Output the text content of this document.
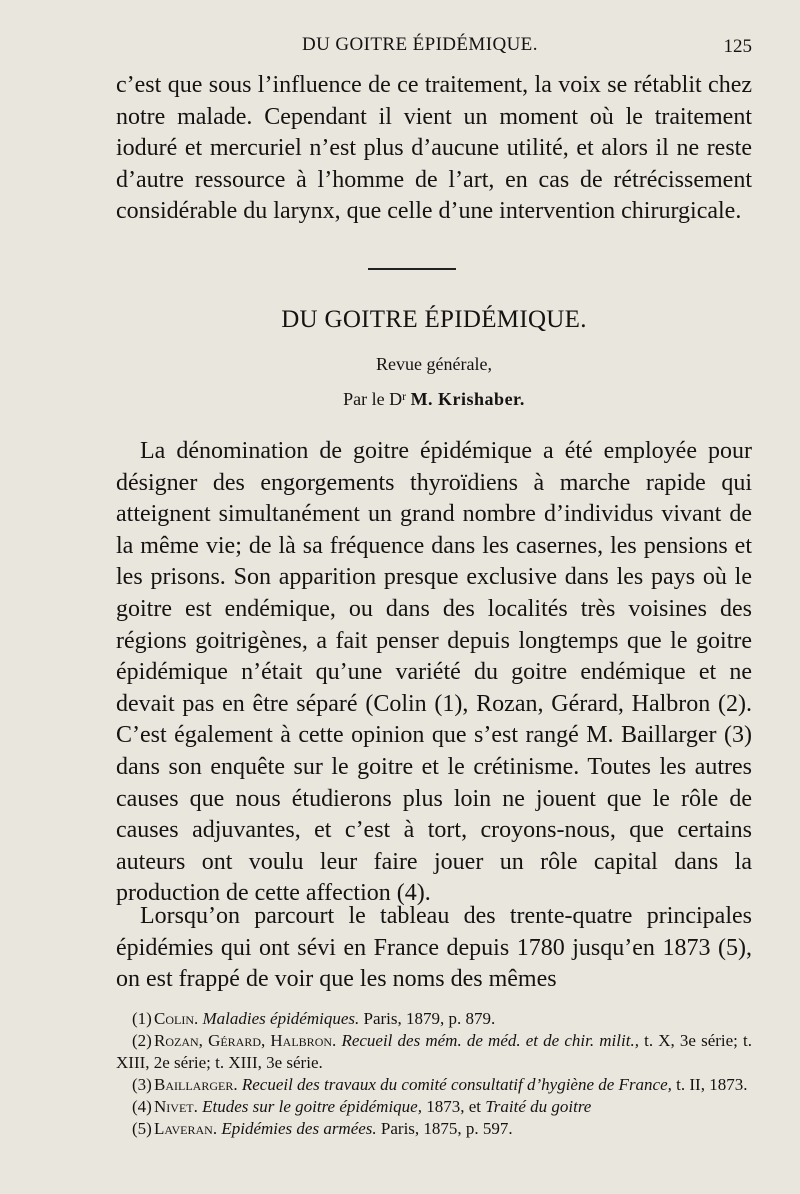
DU GOITRE ÉPIDÉMIQUE.	125

c’est que sous l’influence de ce traitement, la voix se rétablit chez notre malade. Cependant il vient un moment où le traitement ioduré et mercuriel n’est plus d’aucune utilité, et alors il ne reste d’autre ressource à l’homme de l’art, en cas de rétrécissement considérable du larynx, que celle d’une intervention chirurgicale.

DU GOITRE ÉPIDÉMIQUE.
Revue générale,
Par le $D^r$ M. Krishaber.

La dénomination de goitre épidémique a été employée pour désigner des engorgements thyroïdiens à marche rapide qui atteignent simultanément un grand nombre d’individus vivant de la même vie; de là sa fréquence dans les casernes, les pensions et les prisons. Son apparition presque exclusive dans les pays où le goitre est endémique, ou dans des localités très voisines des régions goitrigènes, a fait penser depuis longtemps que le goitre épidémique n’était qu’une variété du goitre endémique et ne devait pas en être séparé (Colin (1), Rozan, Gérard, Halbron (2). C’est également à cette opinion que s’est rangé M. Baillarger (3) dans son enquête sur le goitre et le crétinisme. Toutes les autres causes que nous étudierons plus loin ne jouent que le rôle de causes adjuvantes, et c’est à tort, croyons-nous, que certains auteurs ont voulu leur faire jouer un rôle capital dans la production de cette affection (4).

Lorsqu’on parcourt le tableau des trente-quatre principales épidémies qui ont sévi en France depuis 1780 jusqu’en 1873 (5), on est frappé de voir que les noms des mêmes

(1) Colin. Maladies épidémiques. Paris, 1879, p. 879.

(2) Rozan, Gérard, Halbron. Recueil des mém. de méd. et de chir. milit., t. X, 3e série; t. XIII, 2e série; t. XIII, 3e série.

(3) Baillarger. Recueil des travaux du comité consultatif d’hygiène de France, t. II, 1873.

(4) Nivet. Etudes sur le goitre épidémique, 1873, et Traité du goitre

(5) Laveran. Epidémies des armées. Paris, 1875, p. 597.
